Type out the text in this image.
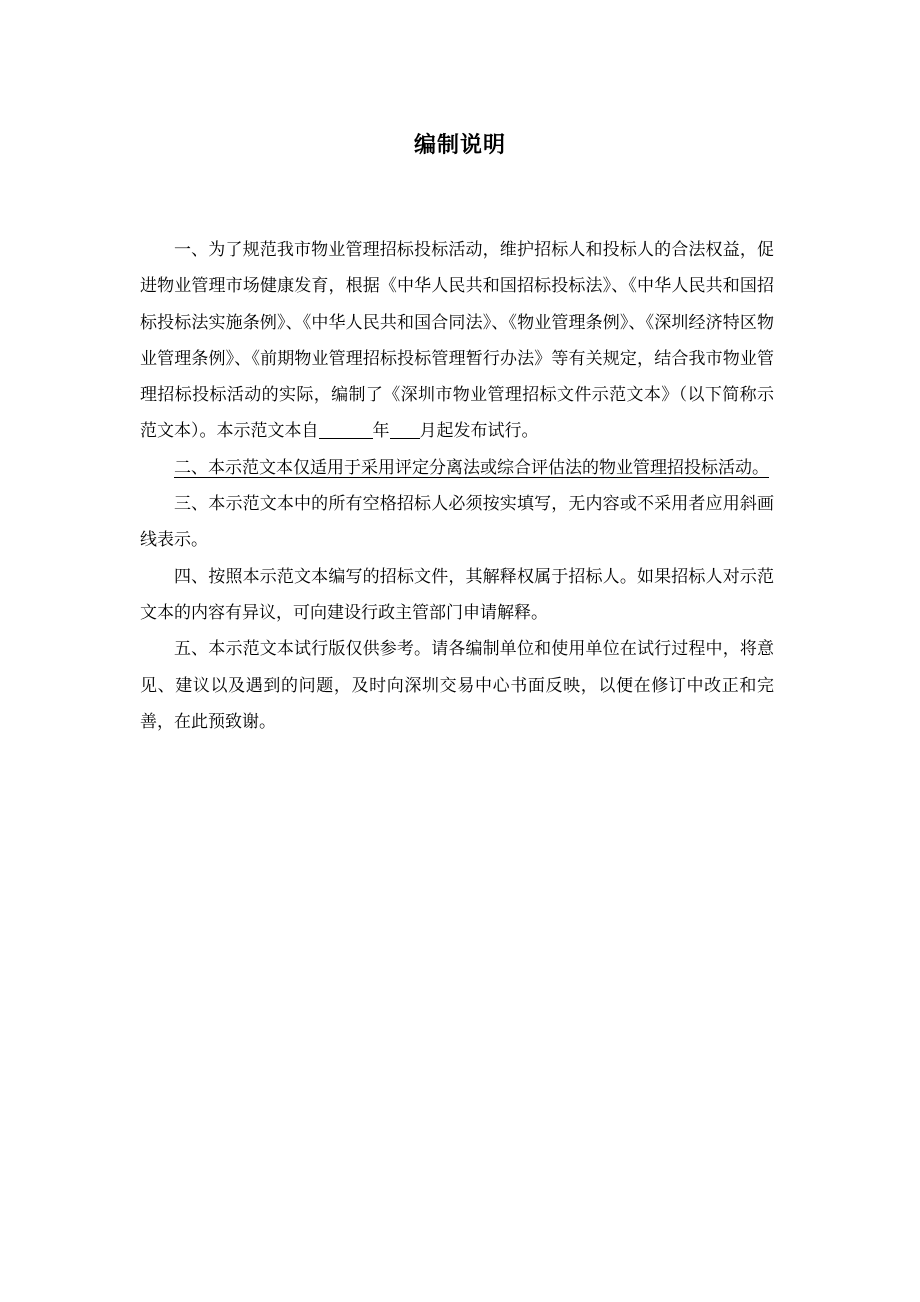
编制说明

一、为了规范我市物业管理招标投标活动，维护招标人和投标人的合法权益，促进物业管理市场健康发育，根据《中华人民共和国招标投标法》、《中华人民共和国招标投标法实施条例》、《中华人民共和国合同法》、《物业管理条例》、《深圳经济特区物业管理条例》、《前期物业管理招标投标管理暂行办法》等有关规定，结合我市物业管理招标投标活动的实际，编制了《深圳市物业管理招标文件示范文本》（以下简称示范文本）。本示范文本自	年 月起发布试行。

二、本示范文本仅适用于采用评定分离法或综合评估法的物业管理招投标活动。

三、本示范文本中的所有空格招标人必须按实填写，无内容或不采用者应用斜画线表示。

四、按照本示范文本编写的招标文件，其解释权属于招标人。如果招标人对示范文本的内容有异议，可向建设行政主管部门申请解释。

五、本示范文本试行版仅供参考。请各编制单位和使用单位在试行过程中，将意见、建议以及遇到的问题，及时向深圳交易中心书面反映，以便在修订中改正和完善，在此预致谢。
